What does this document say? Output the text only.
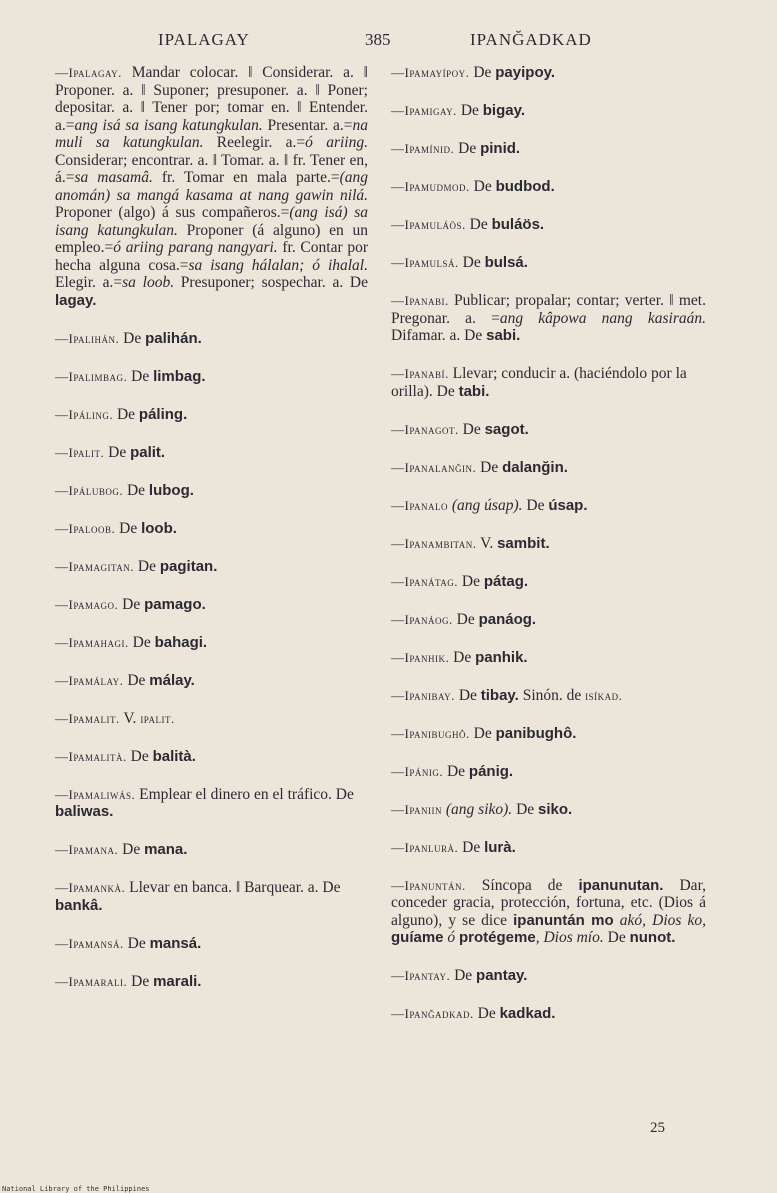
IPALAGAY	385	IPANĞADKAD
—Ipalagay. Mandar colocar. ‖ Considerar. a. ‖ Proponer. a. ‖ Suponer; presuponer. a. ‖ Poner; depositar. a. ‖ Tener por; tomar en. ‖ Entender. a.=ang isá sa isang katungkulan. Presentar. a.=na muli sa katungkulan. Reelegir. a.=ó ariing. Considerar; encontrar. a. ‖ Tomar. a. ‖ fr. Tener en, á.=sa masamâ. fr. Tomar en mala parte.=(ang anomán) sa mangá kasama at nang gawin nilá. Proponer (algo) á sus compañeros.=(ang isá) sa isang katungkulan. Proponer (á alguno) en un empleo.=ó ariing parang nangyari. fr. Contar por hecha alguna cosa.=sa isang hálalan; ó ihalal. Elegir. a.=sa loob. Presuponer; sospechar. a. De lagay.
—Ipalihán. De palihán.
—Ipalimbag. De limbag.
—Ipáling. De páling.
—Ipalit. De palit.
—Ipálubog. De lubog.
—Ipaloob. De loob.
—Ipamagitan. De pagitan.
—Ipamago. De pamago.
—Ipamahagi. De bahagi.
—Ipamálay. De málay.
—Ipamalit. V. ipalit.
—Ipamalità. De balità.
—Ipamaliwás. Emplear el dinero en el tráfico. De baliwas.
—Ipamana. De mana.
—Ipamankà. Llevar en banca. ‖ Barquear. a. De bankâ.
—Ipamansá. De mansá.
—Ipamarali. De marali.
—Ipamayípoy. De payipoy.
—Ipamigay. De bigay.
—Ipamínid. De pinid.
—Ipamudmod. De budbod.
—Ipamuláös. De buláös.
—Ipamulsá. De bulsá.
—Ipanabi. Publicar; propalar; contar; verter. ‖ met. Pregonar. a. =ang kâpowa nang kasiraán. Difamar. a. De sabi.
—Ipanabí. Llevar; conducir a. (haciéndolo por la orilla). De tabi.
—Ipanagot. De sagot.
—Ipanalanğin. De dalanğin.
—Ipanalo (ang úsap). De úsap.
—Ipanambitan. V. sambit.
—Ipanátag. De pátag.
—Ipanáog. De panáog.
—Ipanhik. De panhik.
—Ipanibay. De tibay. Sinón. de isíkad.
—Ipanibughô. De panibughô.
—Ipánig. De pánig.
—Ipaniin (ang siko). De siko.
—Ipanlurà. De lurà.
—Ipanuntán. Síncopa de ipanunutan. Dar, conceder gracia, protección, fortuna, etc. (Dios á alguno), y se dice ipanuntán mo akó, Dios ko, guíame ó protégeme, Dios mío. De nunot.
—Ipantay. De pantay.
—Ipanğadkad. De kadkad.
25
National Library of the Philippines
